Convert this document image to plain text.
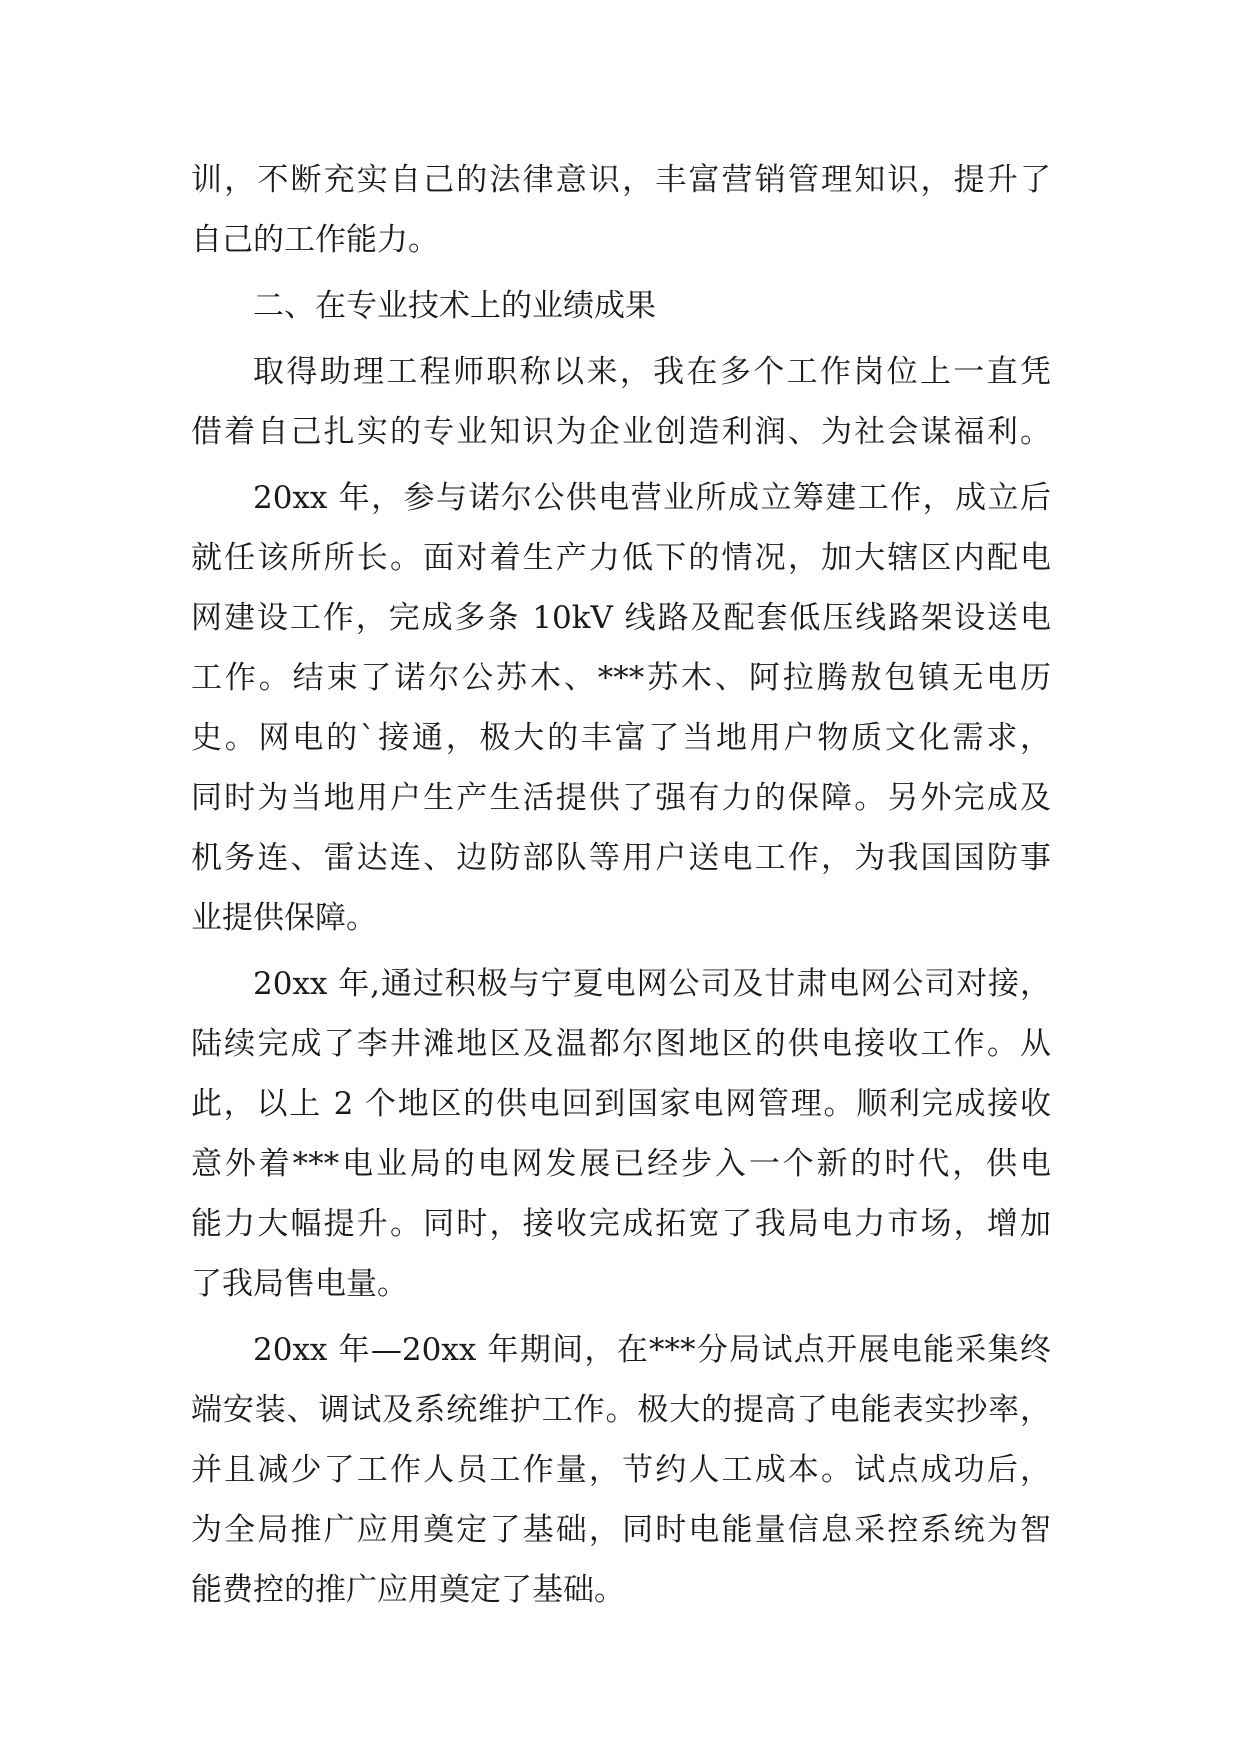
训，不断充实自己的法律意识，丰富营销管理知识，提升了
自己的工作能力。
二、在专业技术上的业绩成果
取得助理工程师职称以来，我在多个工作岗位上一直凭
借着自己扎实的专业知识为企业创造利润、为社会谋福利。
20xx 年，参与诺尔公供电营业所成立筹建工作，成立后
就任该所所长。面对着生产力低下的情况，加大辖区内配电
网建设工作，完成多条 10kV 线路及配套低压线路架设送电
工作。结束了诺尔公苏木、***苏木、阿拉腾敖包镇无电历
史。网电的`接通，极大的丰富了当地用户物质文化需求，
同时为当地用户生产生活提供了强有力的保障。另外完成及
机务连、雷达连、边防部队等用户送电工作，为我国国防事
业提供保障。
20xx 年,通过积极与宁夏电网公司及甘肃电网公司对接，
陆续完成了李井滩地区及温都尔图地区的供电接收工作。从
此，以上 2 个地区的供电回到国家电网管理。顺利完成接收
意外着***电业局的电网发展已经步入一个新的时代，供电
能力大幅提升。同时，接收完成拓宽了我局电力市场，增加
了我局售电量。
20xx 年—20xx 年期间，在***分局试点开展电能采集终
端安装、调试及系统维护工作。极大的提高了电能表实抄率，
并且减少了工作人员工作量，节约人工成本。试点成功后，
为全局推广应用奠定了基础，同时电能量信息采控系统为智
能费控的推广应用奠定了基础。
